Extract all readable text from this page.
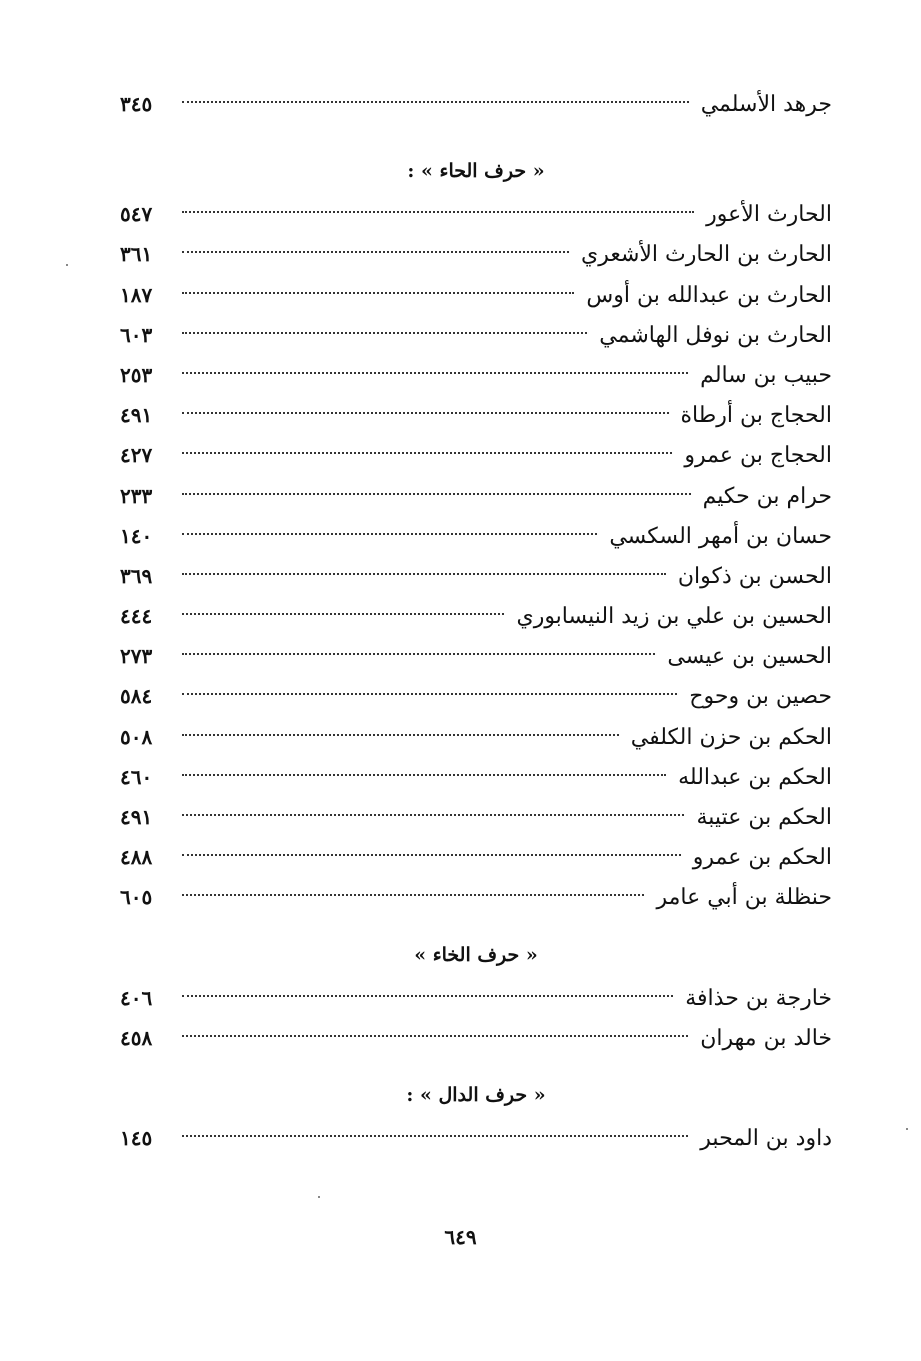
جرهد الأسلمي
٣٤٥
« حرف الحاء » :
الحارث الأعور
٥٤٧
الحارث بن الحارث الأشعري
٣٦١
الحارث بن عبدالله بن أوس
١٨٧
الحارث بن نوفل الهاشمي
٦٠٣
حبيب بن سالم
٢٥٣
الحجاج بن أرطاة
٤٩١
الحجاج بن عمرو
٤٢٧
حرام بن حكيم
٢٣٣
حسان بن أمهر السكسي
١٤٠
الحسن بن ذكوان
٣٦٩
الحسين بن علي بن زيد النيسابوري
٤٤٤
الحسين بن عيسى
٢٧٣
حصين بن وحوح
٥٨٤
الحكم بن حزن الكلفي
٥٠٨
الحكم بن عبدالله
٤٦٠
الحكم بن عتيبة
٤٩١
الحكم بن عمرو
٤٨٨
حنظلة بن أبي عامر
٦٠٥
« حرف الخاء »
خارجة بن حذافة
٤٠٦
خالد بن مهران
٤٥٨
« حرف الدال » :
داود بن المحبر
١٤٥
٦٤٩
